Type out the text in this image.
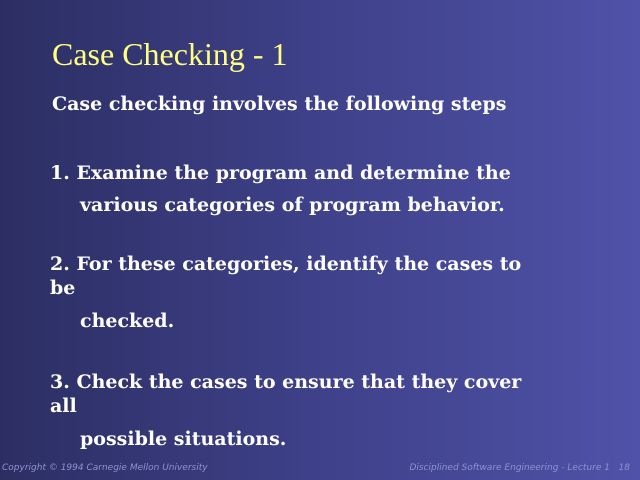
Case Checking - 1
Case checking involves the following steps
1. Examine the program and determine the
various categories of program behavior.
2. For these categories, identify the cases to
be
checked.
3. Check the cases to ensure that they cover
all
possible situations.
Copyright © 1994 Carnegie Mellon University	Disciplined Software Engineering - Lecture 1 18
